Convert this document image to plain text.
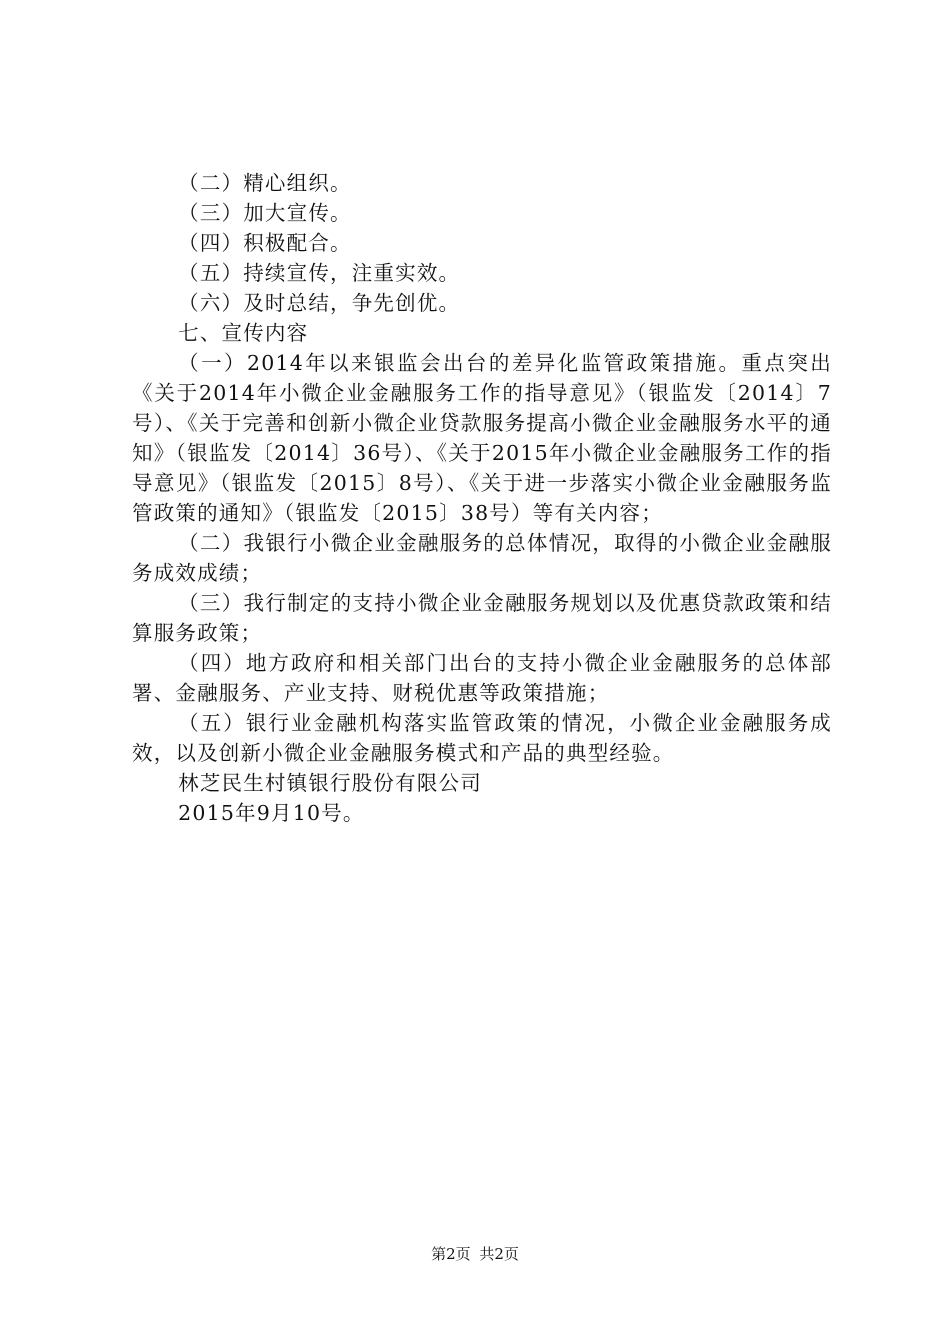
（二）精心组织。

（三）加大宣传。

（四）积极配合。

（五）持续宣传，注重实效。

（六）及时总结，争先创优。

七、宣传内容

（一）2014年以来银监会出台的差异化监管政策措施。重点突出《关于2014年小微企业金融服务工作的指导意见》（银监发〔2014〕7号）、《关于完善和创新小微企业贷款服务提高小微企业金融服务水平的通知》（银监发〔2014〕36号）、《关于2015年小微企业金融服务工作的指导意见》（银监发〔2015〕8号）、《关于进一步落实小微企业金融服务监管政策的通知》（银监发〔2015〕38号）等有关内容；

（二）我银行小微企业金融服务的总体情况，取得的小微企业金融服务成效成绩；

（三）我行制定的支持小微企业金融服务规划以及优惠贷款政策和结算服务政策；

（四）地方政府和相关部门出台的支持小微企业金融服务的总体部署、金融服务、产业支持、财税优惠等政策措施；

（五）银行业金融机构落实监管政策的情况，小微企业金融服务成效，以及创新小微企业金融服务模式和产品的典型经验。

林芝民生村镇银行股份有限公司

2015年9月10号。

第2页 共2页
